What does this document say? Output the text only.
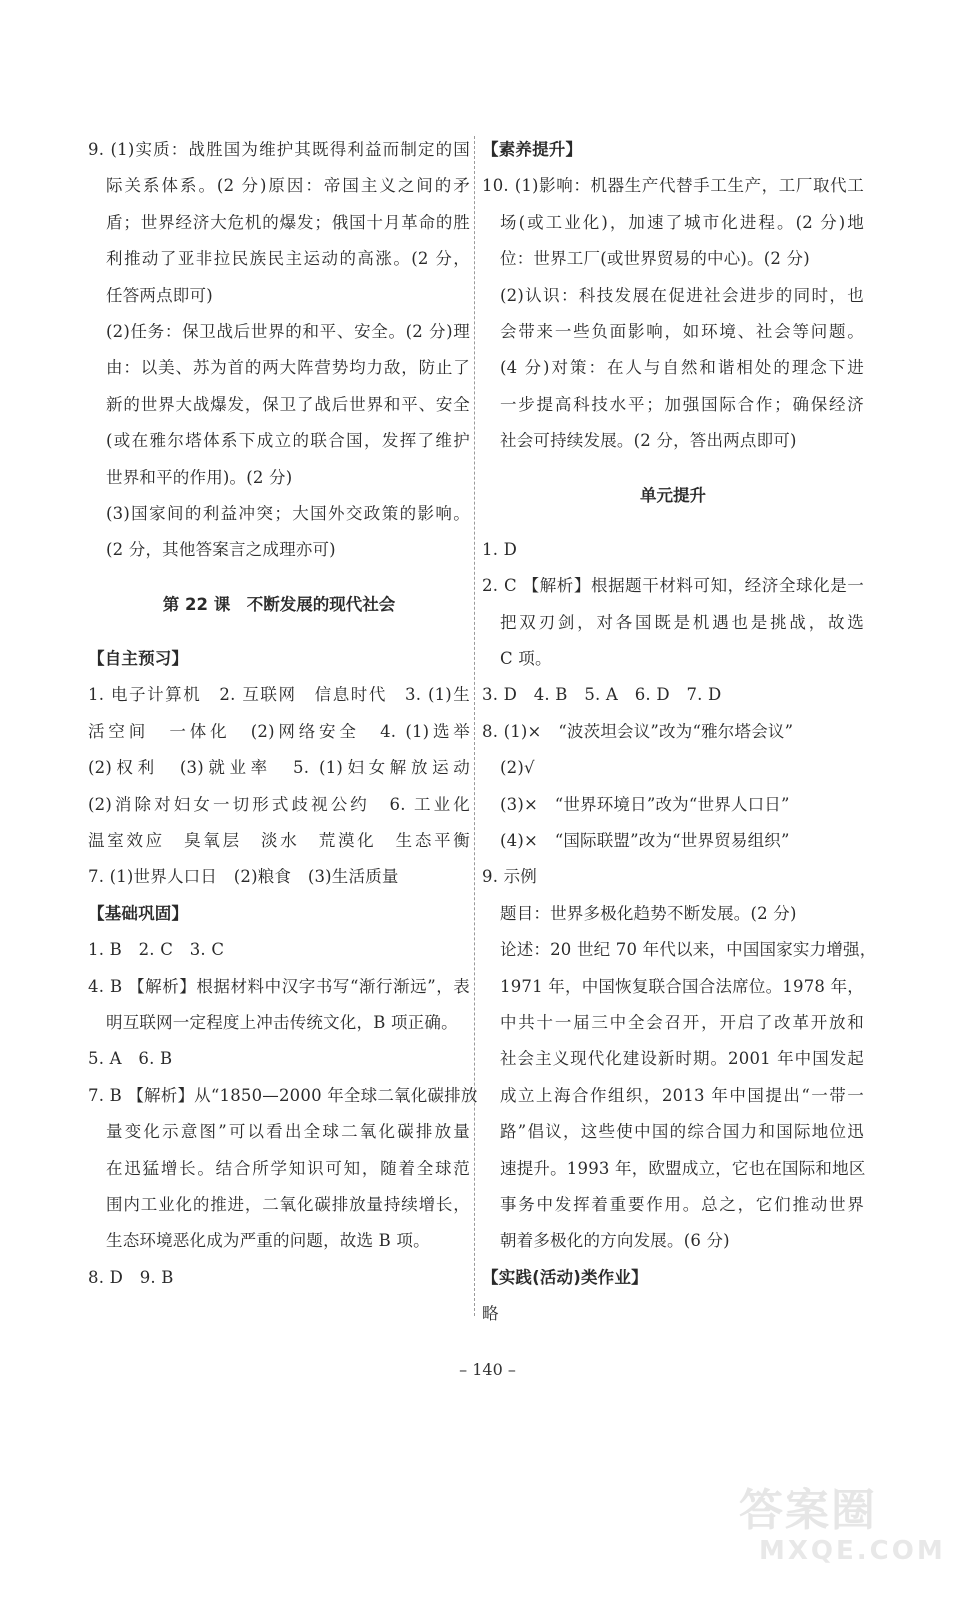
9. (1)实质：战胜国为维护其既得利益而制定的国
际关系体系。(2 分)原因：帝国主义之间的矛
盾；世界经济大危机的爆发；俄国十月革命的胜
利推动了亚非拉民族民主运动的高涨。(2 分，
任答两点即可)
(2)任务：保卫战后世界的和平、安全。(2 分)理
由：以美、苏为首的两大阵营势均力敌，防止了
新的世界大战爆发，保卫了战后世界和平、安全
(或在雅尔塔体系下成立的联合国，发挥了维护
世界和平的作用)。(2 分)
(3)国家间的利益冲突；大国外交政策的影响。
(2 分，其他答案言之成理亦可)
第 22 课　不断发展的现代社会
【自主预习】
1. 电子计算机　2. 互联网　信息时代　3. (1)生
活空间　一体化　(2)网络安全　4. (1)选举
(2)权利　(3)就业率　5. (1)妇女解放运动
(2)消除对妇女一切形式歧视公约　6. 工业化
温室效应　臭氧层　淡水　荒漠化　生态平衡
7. (1)世界人口日　(2)粮食　(3)生活质量
【基础巩固】
1. B　2. C　3. C
4. B 【解析】根据材料中汉字书写“渐行渐远”，表
明互联网一定程度上冲击传统文化，B 项正确。
5. A　6. B
7. B 【解析】从“1850—2000 年全球二氧化碳排放
量变化示意图”可以看出全球二氧化碳排放量
在迅猛增长。结合所学知识可知，随着全球范
围内工业化的推进，二氧化碳排放量持续增长，
生态环境恶化成为严重的问题，故选 B 项。
8. D　9. B
【素养提升】
10. (1)影响：机器生产代替手工生产，工厂取代工
场(或工业化)，加速了城市化进程。(2 分)地
位：世界工厂(或世界贸易的中心)。(2 分)
(2)认识：科技发展在促进社会进步的同时，也
会带来一些负面影响，如环境、社会等问题。
(4 分)对策：在人与自然和谐相处的理念下进
一步提高科技水平；加强国际合作；确保经济
社会可持续发展。(2 分，答出两点即可)
单元提升
1. D
2. C 【解析】根据题干材料可知，经济全球化是一
把双刃剑，对各国既是机遇也是挑战，故选
C 项。
3. D　4. B　5. A　6. D　7. D
8. (1)×　“波茨坦会议”改为“雅尔塔会议”
(2)√
(3)×　“世界环境日”改为“世界人口日”
(4)×　“国际联盟”改为“世界贸易组织”
9. 示例
题目：世界多极化趋势不断发展。(2 分)
论述：20 世纪 70 年代以来，中国国家实力增强，
1971 年，中国恢复联合国合法席位。1978 年，
中共十一届三中全会召开，开启了改革开放和
社会主义现代化建设新时期。2001 年中国发起
成立上海合作组织，2013 年中国提出“一带一
路”倡议，这些使中国的综合国力和国际地位迅
速提升。1993 年，欧盟成立，它也在国际和地区
事务中发挥着重要作用。总之，它们推动世界
朝着多极化的方向发展。(6 分)
【实践(活动)类作业】
略
– 140 –
答案圈
MXQE.COM
